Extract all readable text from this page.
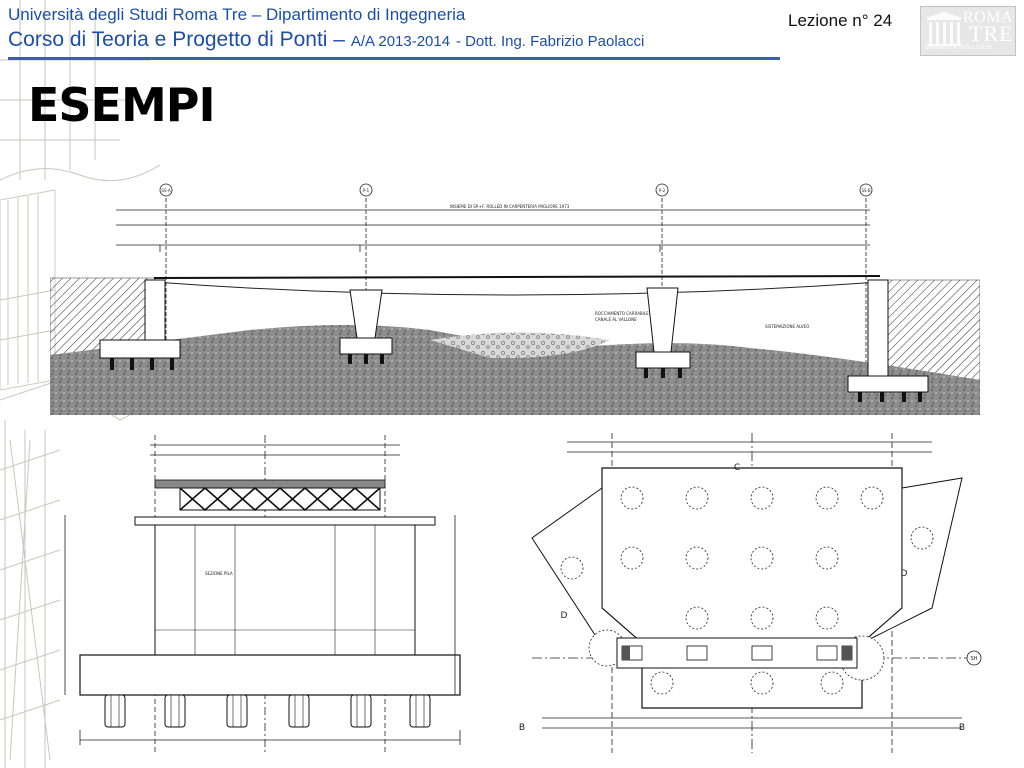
Università degli Studi Roma Tre – Dipartimento di Ingegneria
Corso di Teoria e Progetto di Ponti – A/A 2013-2014 - Dott. Ing. Fabrizio Paolacci
Lezione n° 24	ROMA
TRE
UNIVERSITÀ DEGLI STUDI
ESEMPI
INSIEME DI SP.+F. ROLLED IN CARPENTERIA MIGLIORE 1973
SS-A	P-1	P-2	SS-B
ROCCIAMENTO CARRABILE
CANALE AL VALLONE
SISTEMAZIONE ALVEO
SEZIONE PILA
C
D
D
B	B
SH
